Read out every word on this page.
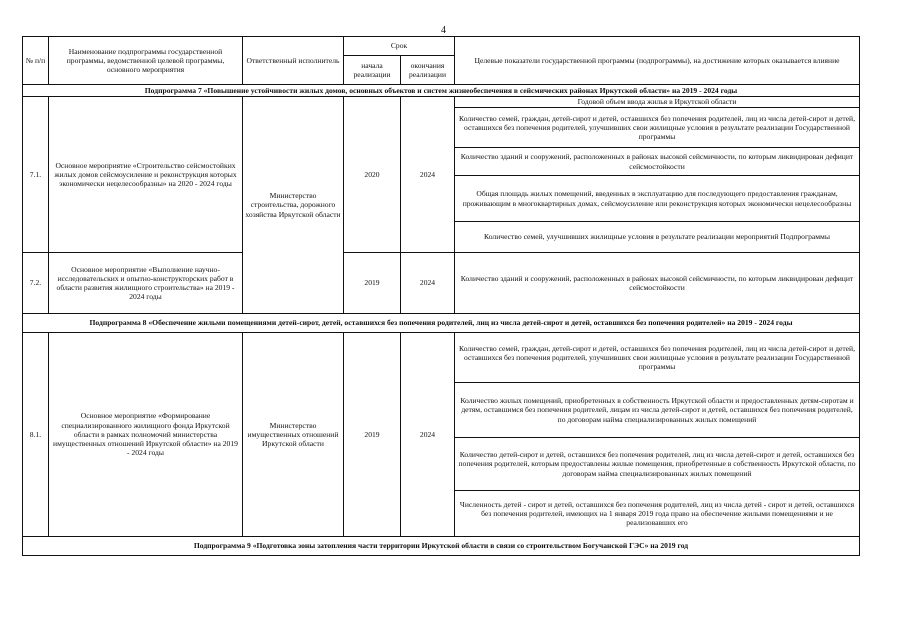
4
№ п/п	Наименование подпрограммы государственной программы, ведомственной целевой программы, основного мероприятия	Ответственный исполнитель	Срок		Целевые показатели государственной программы (подпрограммы), на достижение которых оказывается влияние
			начала реализации	окончания реализации	
Подпрограмма 7 «Повышение устойчивости жилых домов, основных объектов и систем жизнеобеспечения в сейсмических районах Иркутской области» на 2019 - 2024 годы					
7.1.	Основное мероприятие «Строительство сейсмостойких жилых домов сейсмоусиление и реконструкция которых экономически нецелесообразны» на 2020 - 2024 годы	Министерство строительства, дорожного хозяйства Иркутской области	2020	2024	Годовой объем ввода жилья в Иркутской области
					Количество семей, граждан, детей-сирот и детей, оставшихся без попечения родителей, лиц из числа детей-сирот и детей, оставшихся без попечения родителей, улучшивших свои жилищные условия в результате реализации Государственной программы
					Количество зданий и сооружений, расположенных в районах высокой сейсмичности, по которым ликвидирован дефицит сейсмостойкости
					Общая площадь жилых помещений, введенных в эксплуатацию для последующего предоставления гражданам, проживающим в многоквартирных домах, сейсмоусиление или реконструкция которых экономически нецелесообразны
					Количество семей, улучшивших жилищные условия в результате реализации мероприятий Подпрограммы
7.2.	Основное мероприятие «Выполнение научно-исследовательских и опытно-конструкторских работ в области развития жилищного строительства» на 2019 - 2024 годы		2019	2024	Количество зданий и сооружений, расположенных в районах высокой сейсмичности, по которым ликвидирован дефицит сейсмостойкости
Подпрограмма 8 «Обеспечение жильми помещениями детей-сирот, детей, оставшихся без попечения родителей, лиц из числа детей-сирот и детей, оставшихся без попечения родителей» на 2019 - 2024 годы					
8.1.	Основное мероприятие «Формирование специализированного жилищного фонда Иркутской области в рамках полномочий министерства имущественных отношений Иркутской области» на 2019 - 2024 годы	Министерство имущественных отношений Иркутской области	2019	2024	Количество семей, граждан, детей-сирот и детей, оставшихся без попечения родителей, лиц из числа детей-сирот и детей, оставшихся без попечения родителей, улучшивших свои жилищные условия в результате реализации Государственной программы
					Количество жилых помещений, приобретенных в собственность Иркутской области и предоставленных детям-сиротам и детям, оставшимся без попечения родителей, лицам из числа детей-сирот и детей, оставшихся без попечения родителей, по договорам найма специализированных жилых помещений
					Количество детей-сирот и детей, оставшихся без попечения родителей, лиц из числа детей-сирот и детей, оставшихся без попечения родителей, которым предоставлены жилые помещения, приобретенные в собственность Иркутской области, по договорам найма специализированных жилых помещений
					Численность детей - сирот и детей, оставшихся без попечения родителей, лиц из числа детей - сирот и детей, оставшихся без попечения родителей, имеющих на 1 января 2019 года право на обеспечение жилыми помещениями и не реализовавших его
Подпрограмма 9 «Подготовка зоны затопления части территории Иркутской области в связи со строительством Богучанской ГЭС» на 2019 год					
